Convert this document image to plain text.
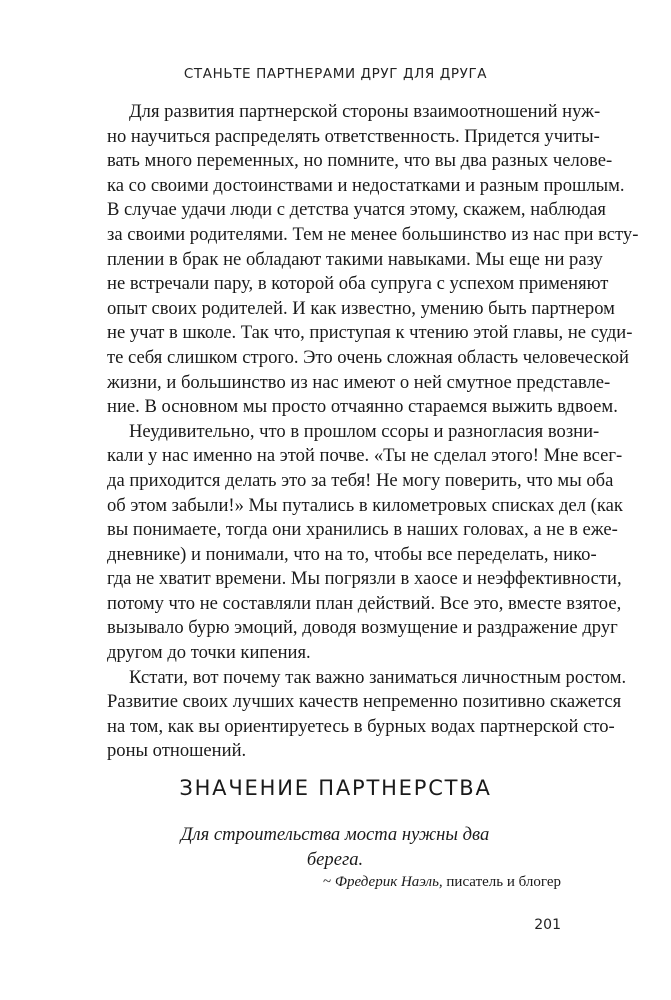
СТАНЬТЕ ПАРТНЕРАМИ ДРУГ ДЛЯ ДРУГА
Для развития партнерской стороны взаимоотношений нуж-
но научиться распределять ответственность. Придется учиты-
вать много переменных, но помните, что вы два разных челове-
ка со своими достоинствами и недостатками и разным прошлым.
В случае удачи люди с детства учатся этому, скажем, наблюдая
за своими родителями. Тем не менее большинство из нас при всту-
плении в брак не обладают такими навыками. Мы еще ни разу
не встречали пару, в которой оба супруга с успехом применяют
опыт своих родителей. И как известно, умению быть партнером
не учат в школе. Так что, приступая к чтению этой главы, не суди-
те себя слишком строго. Это очень сложная область человеческой
жизни, и большинство из нас имеют о ней смутное представле-
ние. В основном мы просто отчаянно стараемся выжить вдвоем.
Неудивительно, что в прошлом ссоры и разногласия возни-
кали у нас именно на этой почве. «Ты не сделал этого! Мне всег-
да приходится делать это за тебя! Не могу поверить, что мы оба
об этом забыли!» Мы путались в километровых списках дел (как
вы понимаете, тогда они хранились в наших головах, а не в еже-
дневнике) и понимали, что на то, чтобы все переделать, нико-
гда не хватит времени. Мы погрязли в хаосе и неэффективности,
потому что не составляли план действий. Все это, вместе взятое,
вызывало бурю эмоций, доводя возмущение и раздражение друг
другом до точки кипения.
Кстати, вот почему так важно заниматься личностным ростом.
Развитие своих лучших качеств непременно позитивно скажется
на том, как вы ориентируетесь в бурных водах партнерской сто-
роны отношений.
ЗНАЧЕНИЕ ПАРТНЕРСТВА
Для строительства моста нужны два
берега.
~ Фредерик Наэль, писатель и блогер
201
